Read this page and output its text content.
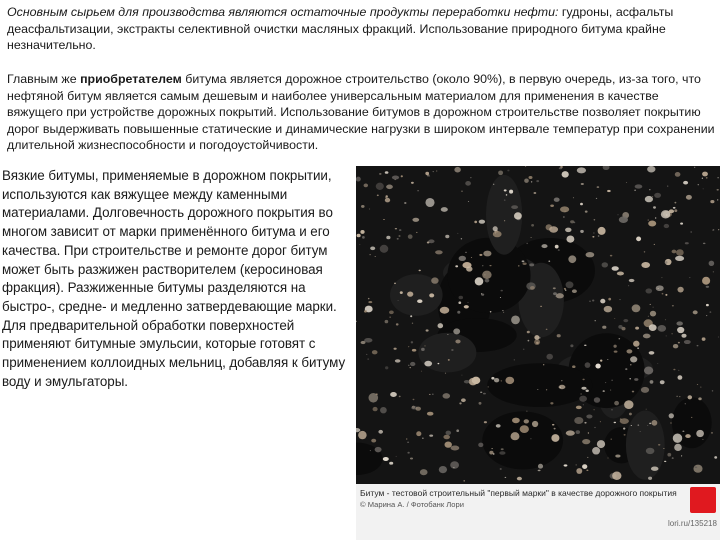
Основным сырьем для производства являются остаточные продукты переработки нефти: гудроны, асфальты деасфальтизации, экстракты селективной очистки масляных фракций. Использование природного битума крайне незначительно.
Главным же приобретателем битума является дорожное строительство (около 90%), в первую очередь, из-за того, что нефтяной битум является самым дешевым и наиболее универсальным материалом для применения в качестве вяжущего при устройстве дорожных покрытий. Использование битумов в дорожном строительстве позволяет покрытию дорог выдерживать повышенные статические и динамические нагрузки в широком интервале температур при сохранении длительной жизнеспособности и погодоустойчивости.
Вязкие битумы, применяемые в дорожном покрытии, используются как вяжущее между каменными материалами. Долговечность дорожного покрытия во многом зависит от марки применённого битума и его качества. При строительстве и ремонте дорог битум может быть разжижен растворителем (керосиновая фракция). Разжиженные битумы разделяются на быстро-, средне- и медленно затвердевающие марки. Для предварительной обработки поверхностей применяют битумные эмульсии, которые готовят с применением коллоидных мельниц, добавляя к битуму воду и эмульгаторы.
Битум - тестовой строительный "первый марки" в качестве дорожного покрытия
© Марина А. / Фотобанк Лори
lori.ru/135218
